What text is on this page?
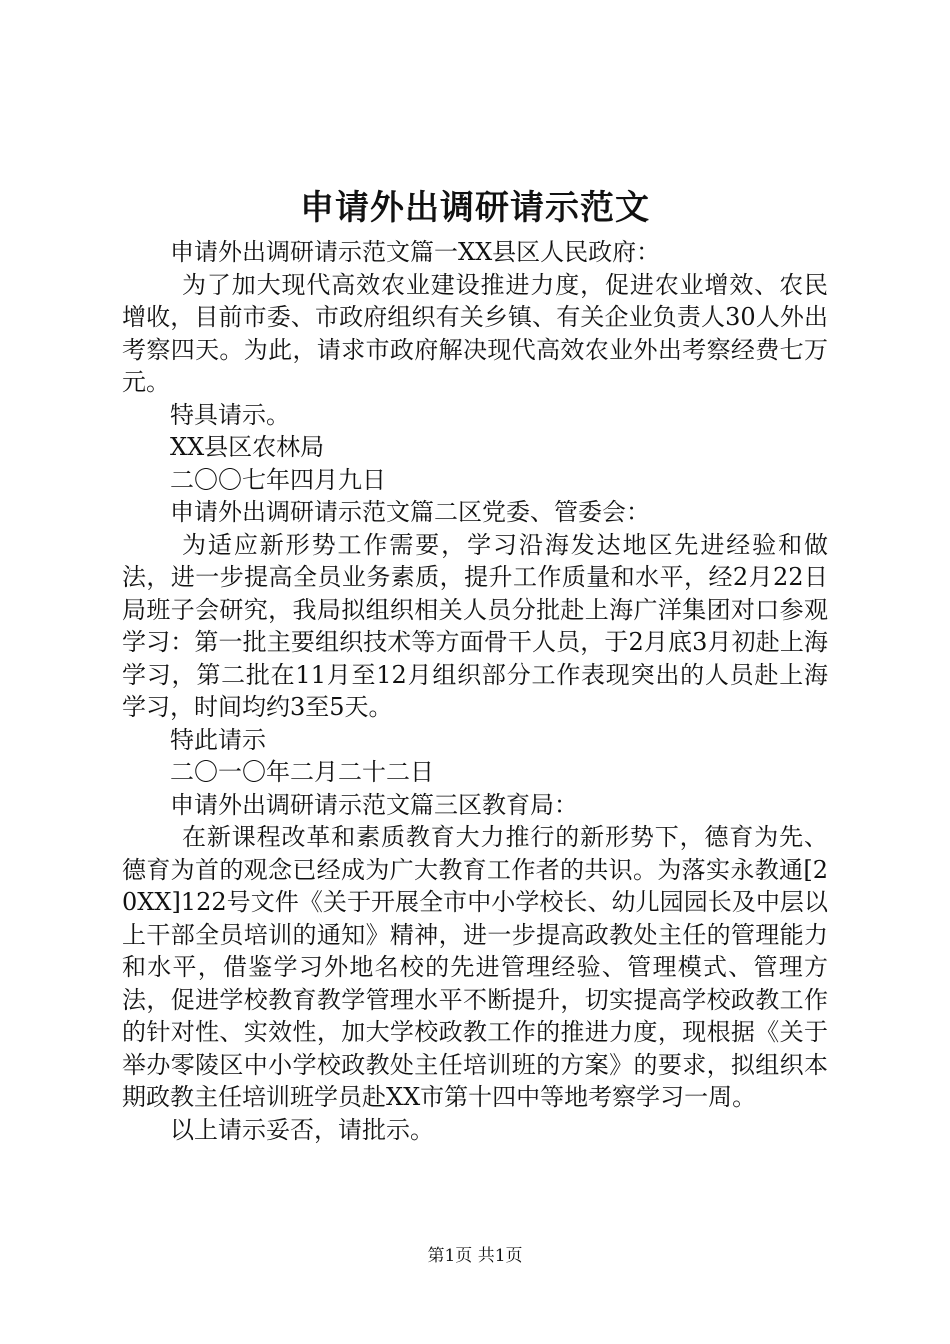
申请外出调研请示范文

申请外出调研请示范文篇一XX县区人民政府：

为了加大现代高效农业建设推进力度，促进农业增效、农民增收，目前市委、市政府组织有关乡镇、有关企业负责人30人外出考察四天。为此，请求市政府解决现代高效农业外出考察经费七万元。

特具请示。

XX县区农林局

二〇〇七年四月九日

申请外出调研请示范文篇二区党委、管委会：

为适应新形势工作需要，学习沿海发达地区先进经验和做法，进一步提高全员业务素质，提升工作质量和水平，经2月22日局班子会研究，我局拟组织相关人员分批赴上海广洋集团对口参观学习：第一批主要组织技术等方面骨干人员，于2月底3月初赴上海学习，第二批在11月至12月组织部分工作表现突出的人员赴上海学习，时间均约3至5天。

特此请示

二〇一〇年二月二十二日

申请外出调研请示范文篇三区教育局：

在新课程改革和素质教育大力推行的新形势下，德育为先、德育为首的观念已经成为广大教育工作者的共识。为落实永教通[20XX]122号文件《关于开展全市中小学校长、幼儿园园长及中层以上干部全员培训的通知》精神，进一步提高政教处主任的管理能力和水平，借鉴学习外地名校的先进管理经验、管理模式、管理方法，促进学校教育教学管理水平不断提升，切实提高学校政教工作的针对性、实效性，加大学校政教工作的推进力度，现根据《关于举办零陵区中小学校政教处主任培训班的方案》的要求，拟组织本期政教主任培训班学员赴XX市第十四中等地考察学习一周。

以上请示妥否，请批示。

第1页 共1页
